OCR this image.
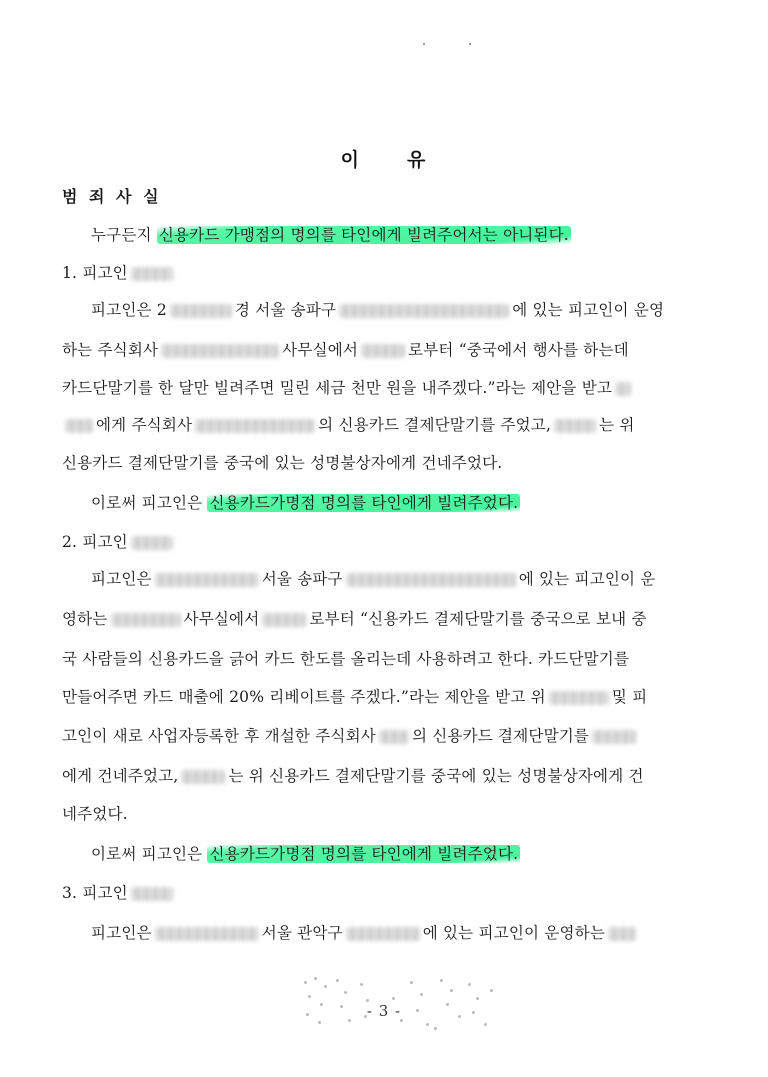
이 유
범 죄 사 실
누구든지 신용카드 가맹점의 명의를 타인에게 빌려주어서는 아니된다.
1. 피고인
피고인은 2	경 서울 송파구	에 있는 피고인이 운영
하는 주식회사	사무실에서	로부터 “중국에서 행사를 하는데
카드단말기를 한 달만 빌려주면 밀린 세금 천만 원을 내주겠다.”라는 제안을 받고
에게 주식회사	의 신용카드 결제단말기를 주었고,	는 위
신용카드 결제단말기를 중국에 있는 성명불상자에게 건네주었다.
이로써 피고인은 신용카드가명점 명의를 타인에게 빌려주었다.
2. 피고인
피고인은	서울 송파구	에 있는 피고인이 운
영하는	사무실에서	로부터 “신용카드 결제단말기를 중국으로 보내 중
국 사람들의 신용카드을 긁어 카드 한도를 올리는데 사용하려고 한다. 카드단말기를
만들어주면 카드 매출에 20% 리베이트를 주겠다.”라는 제안을 받고 위	및 피
고인이 새로 사업자등록한 후 개설한 주식회사 의 신용카드 결제단말기를
에게 건네주었고,	는 위 신용카드 결제단말기를 중국에 있는 성명불상자에게 건
네주었다.
이로써 피고인은 신용카드가명점 명의를 타인에게 빌려주었다.
3. 피고인
피고인은	서울 관악구	에 있는 피고인이 운영하는
- 3 -
